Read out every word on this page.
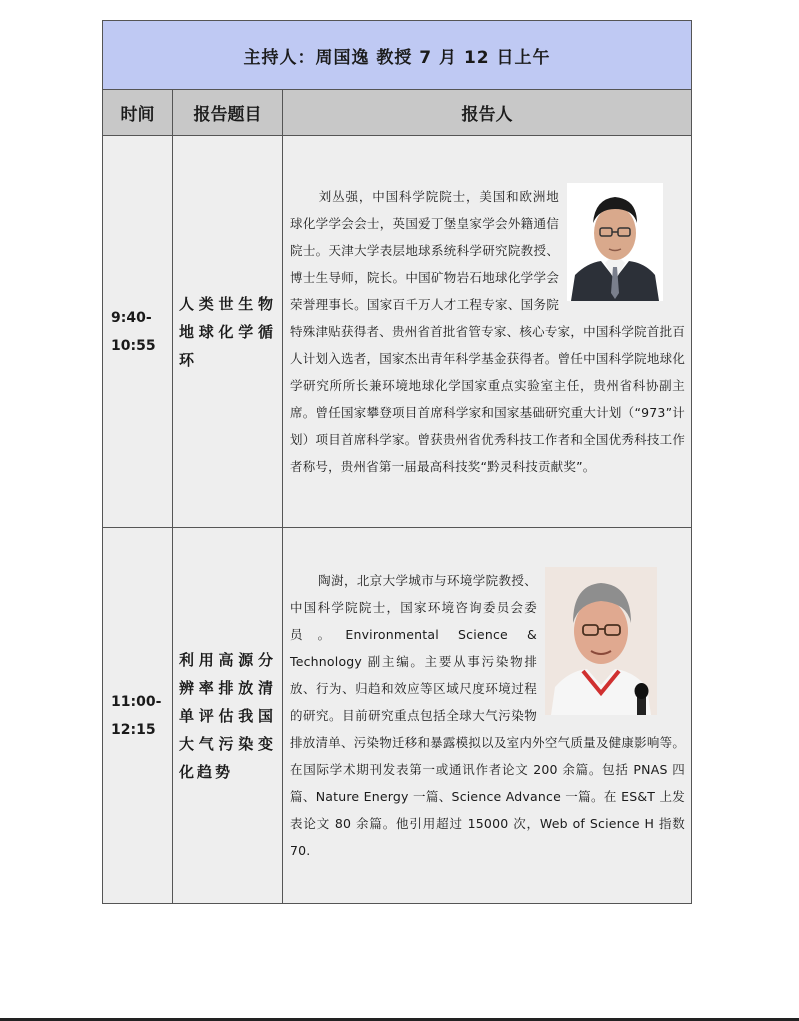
主持人：周国逸 教授 7 月 12 日上午		
时间	报告题目	报告人
9:40-10:55	人类世生物地球化学循环	刘丛强，中国科学院院士，美国和欧洲地球化学学会会士，英国爱丁堡皇家学会外籍通信院士。天津大学表层地球系统科学研究院教授、博士生导师，院长。中国矿物岩石地球化学学会荣誉理事长。国家百千万人才工程专家、国务院特殊津贴获得者、贵州省首批省管专家、核心专家，中国科学院首批百人计划入选者，国家杰出青年科学基金获得者。曾任中国科学院地球化学研究所所长兼环境地球化学国家重点实验室主任，贵州省科协副主席。曾任国家攀登项目首席科学家和国家基础研究重大计划（“973”计划）项目首席科学家。曾获贵州省优秀科技工作者和全国优秀科技工作者称号，贵州省第一届最高科技奖“黔灵科技贡献奖”。

11:00-12:15	利用高源分辨率排放清单评估我国大气污染变化趋势	陶澍，北京大学城市与环境学院教授、中国科学院院士，国家环境咨询委员会委员。Environmental Science & Technology 副主编。主要从事污染物排放、行为、归趋和效应等区域尺度环境过程的研究。目前研究重点包括全球大气污染物排放清单、污染物迁移和暴露模拟以及室内外空气质量及健康影响等。在国际学术期刊发表第一或通讯作者论文 200 余篇。包括 PNAS 四篇、Nature Energy 一篇、Science Advance 一篇。在 ES&T 上发表论文 80 余篇。他引用超过 15000 次，Web of Science H 指数 70.
